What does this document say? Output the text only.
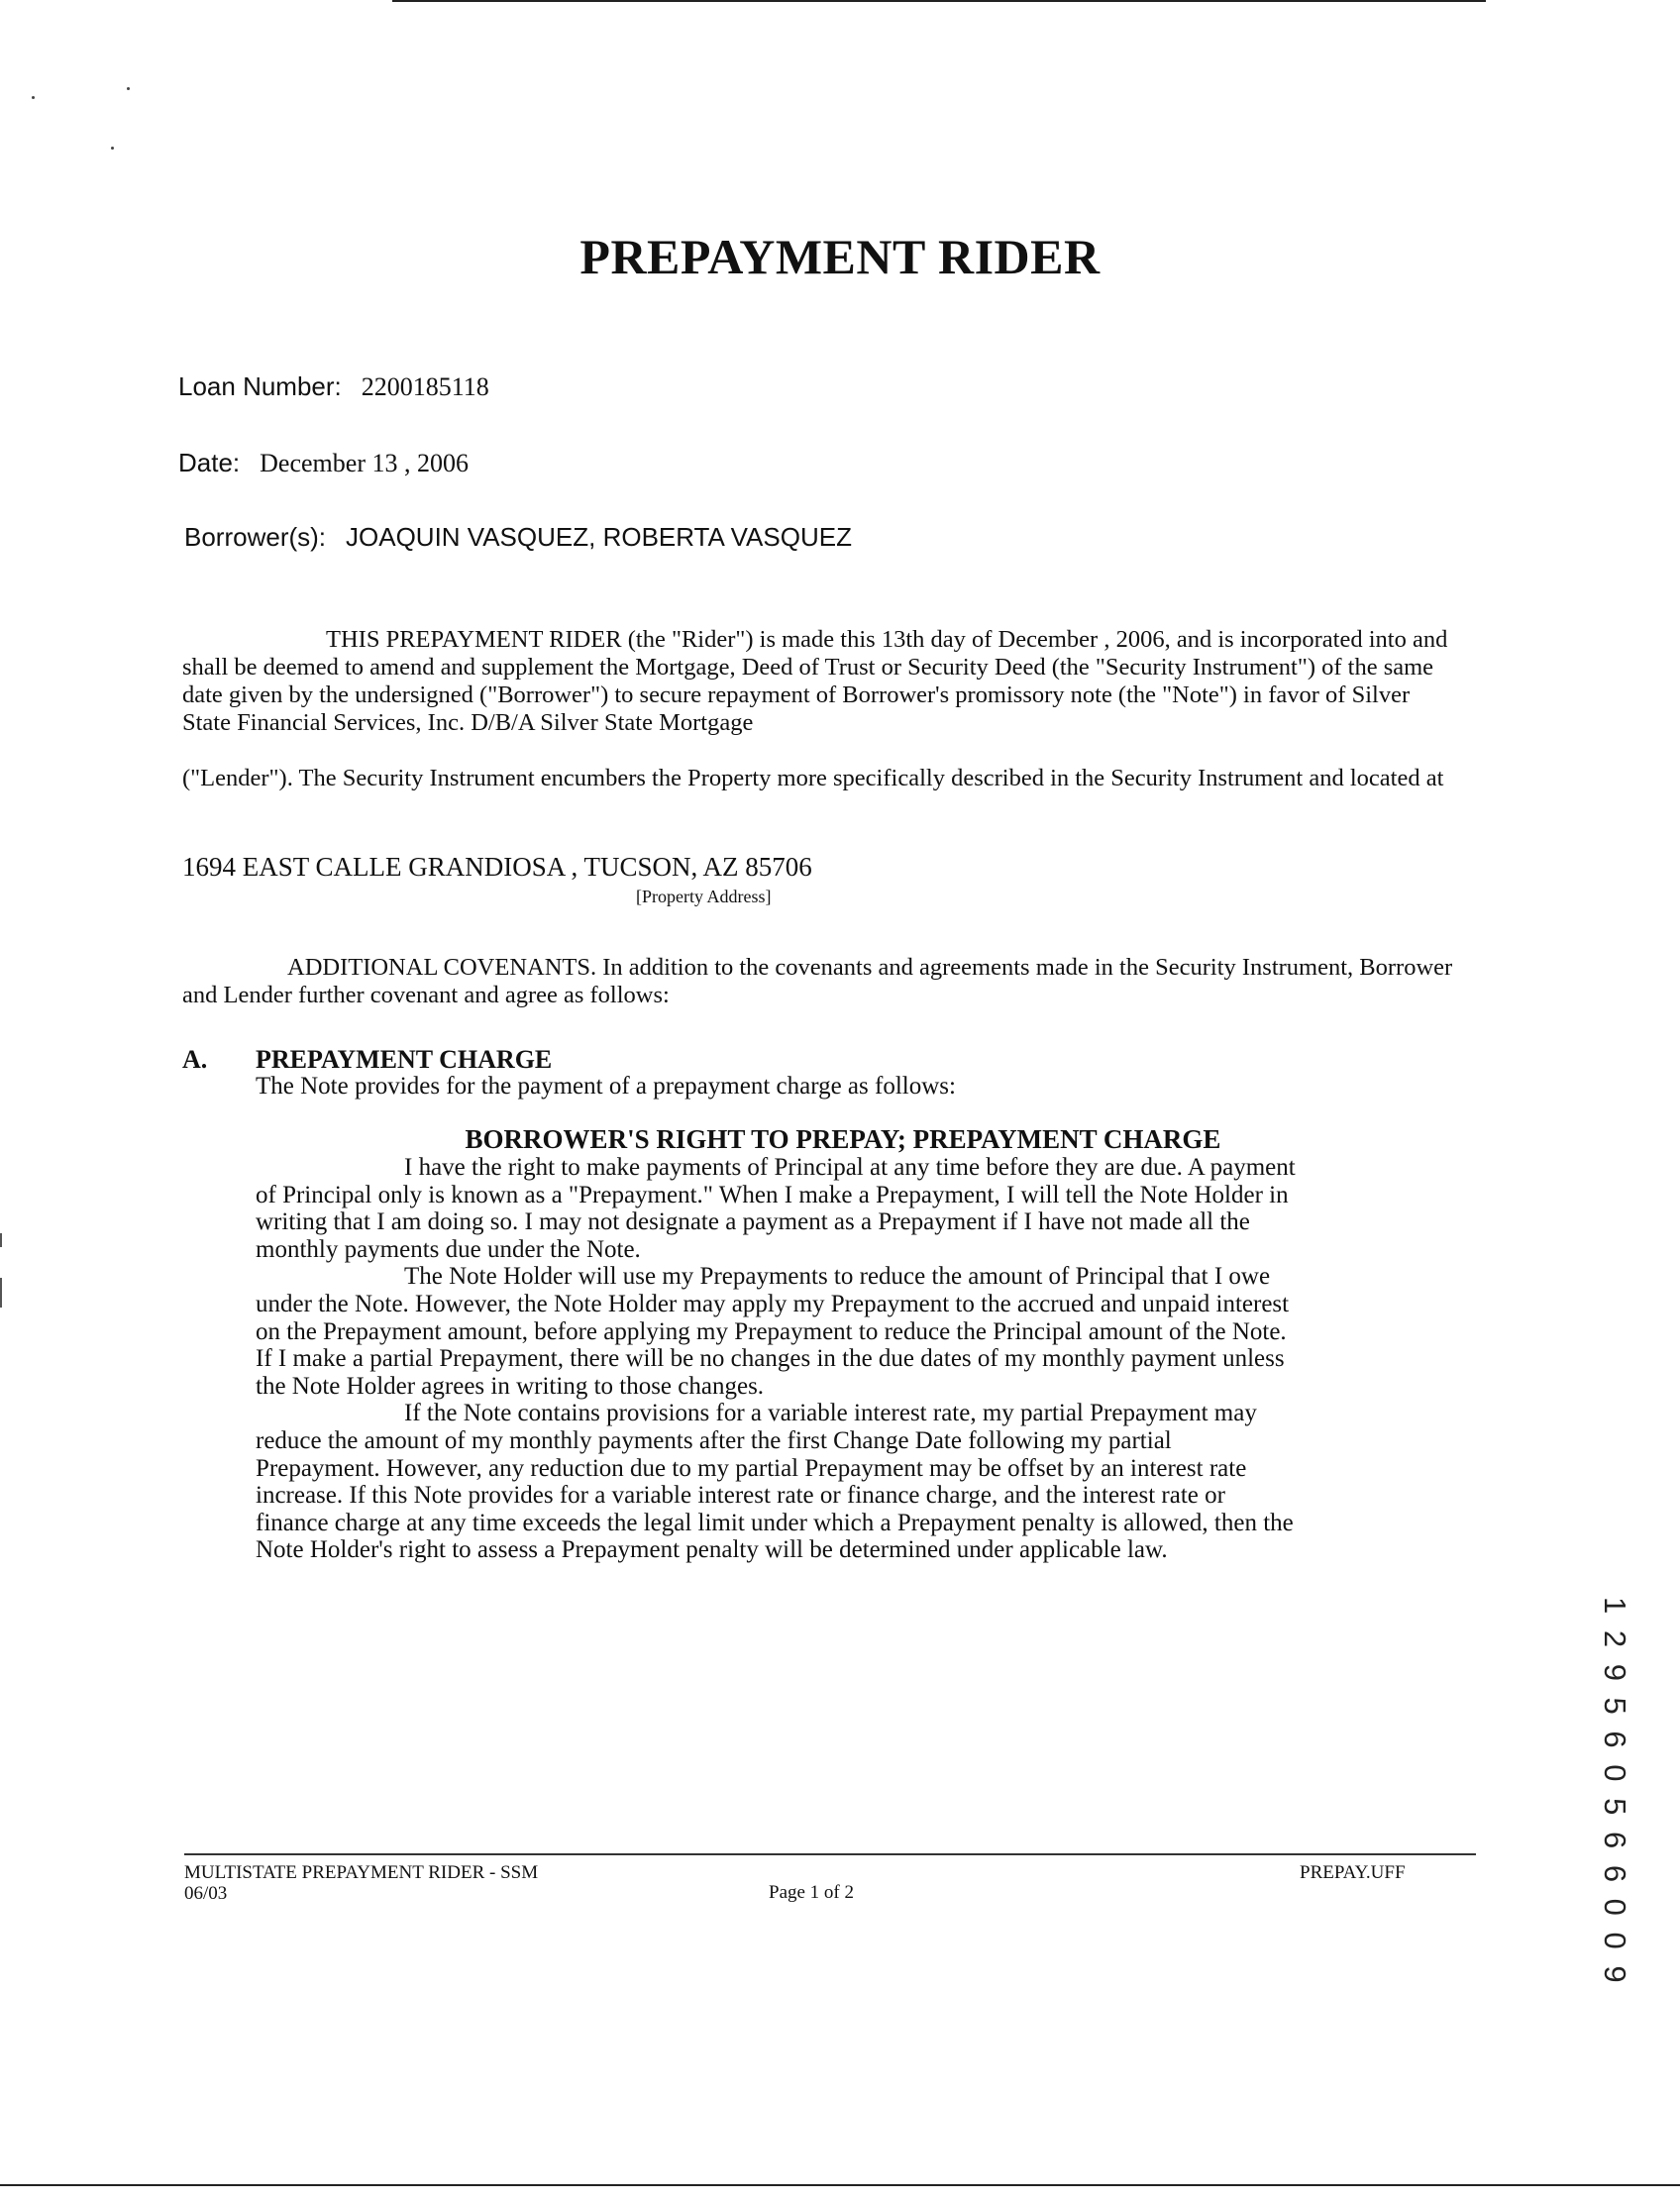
PREPAYMENT RIDER
Loan Number: 2200185118
Date: December 13 , 2006
Borrower(s): JOAQUIN VASQUEZ, ROBERTA VASQUEZ

THIS PREPAYMENT RIDER (the "Rider") is made this 13th day of December , 2006, and is incorporated into and shall be deemed to amend and supplement the Mortgage, Deed of Trust or Security Deed (the "Security Instrument") of the same date given by the undersigned ("Borrower") to secure repayment of Borrower's promissory note (the "Note") in favor of Silver State Financial Services, Inc. D/B/A Silver State Mortgage

("Lender"). The Security Instrument encumbers the Property more specifically described in the Security Instrument and located at

1694 EAST CALLE GRANDIOSA , TUCSON, AZ 85706
[Property Address]

ADDITIONAL COVENANTS. In addition to the covenants and agreements made in the Security Instrument, Borrower and Lender further covenant and agree as follows:

A. PREPAYMENT CHARGE
The Note provides for the payment of a prepayment charge as follows:
BORROWER'S RIGHT TO PREPAY; PREPAYMENT CHARGE

I have the right to make payments of Principal at any time before they are due. A payment of Principal only is known as a "Prepayment." When I make a Prepayment, I will tell the Note Holder in writing that I am doing so. I may not designate a payment as a Prepayment if I have not made all the monthly payments due under the Note.

The Note Holder will use my Prepayments to reduce the amount of Principal that I owe under the Note. However, the Note Holder may apply my Prepayment to the accrued and unpaid interest on the Prepayment amount, before applying my Prepayment to reduce the Principal amount of the Note. If I make a partial Prepayment, there will be no changes in the due dates of my monthly payment unless the Note Holder agrees in writing to those changes.

If the Note contains provisions for a variable interest rate, my partial Prepayment may reduce the amount of my monthly payments after the first Change Date following my partial Prepayment. However, any reduction due to my partial Prepayment may be offset by an interest rate increase. If this Note provides for a variable interest rate or finance charge, and the interest rate or finance charge at any time exceeds the legal limit under which a Prepayment penalty is allowed, then the Note Holder's right to assess a Prepayment penalty will be determined under applicable law.

1 2 9 5 6 0 5 6 6 0 0 9
MULTISTATE PREPAYMENT RIDER - SSM
06/03	Page 1 of 2
PREPAY.UFF
